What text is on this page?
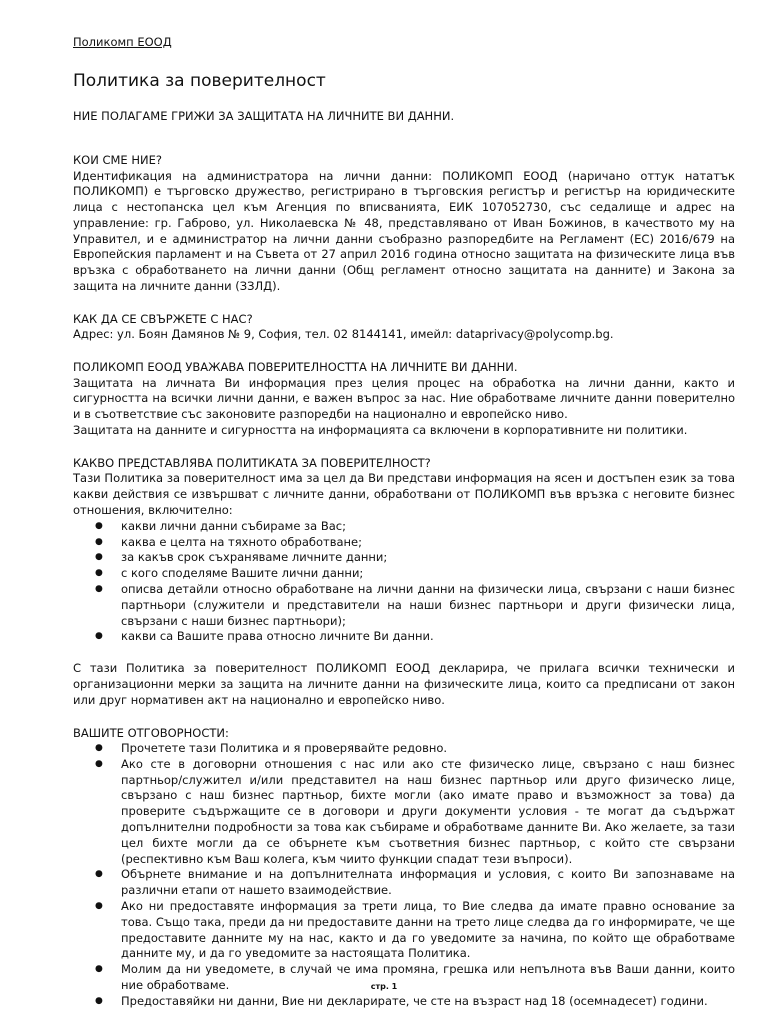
Поликомп ЕООД

Политика за поверителност

НИЕ ПОЛАГАМЕ ГРИЖИ ЗА ЗАЩИТАТА НА ЛИЧНИТЕ ВИ ДАННИ.

КОИ СМЕ НИЕ?

Идентификация на администратора на лични данни: ПОЛИКОМП ЕООД (наричано оттук нататък ПОЛИКОМП) е търговско дружество, регистрирано в търговския регистър и регистър на юридическите лица с нестопанска цел към Агенция по вписванията, ЕИК 107052730, със седалище и адрес на управление: гр. Габрово, ул. Николаевска № 48, представлявано от Иван Божинов, в качеството му на Управител, и е администратор на лични данни съобразно разпоредбите на Регламент (ЕС) 2016/679 на Европейския парламент и на Съвета от 27 април 2016 година относно защитата на физическите лица във връзка с обработването на лични данни (Общ регламент относно защитата на данните) и Закона за защита на личните данни (ЗЗЛД).

КАК ДА СЕ СВЪРЖЕТЕ С НАС?

Адрес: ул. Боян Дамянов № 9, София, тел. 02 8144141, имейл: dataprivacy@polycomp.bg.

ПОЛИКОМП ЕООД УВАЖАВА ПОВЕРИТЕЛНОСТТА НА ЛИЧНИТЕ ВИ ДАННИ.

Защитата на личната Ви информация през целия процес на обработка на лични данни, както и сигурността на всички лични данни, е важен въпрос за нас. Ние обработваме личните данни поверително и в съответствие със законовите разпоредби на национално и европейско ниво.

Защитата на данните и сигурността на информацията са включени в корпоративните ни политики.

КАКВО ПРЕДСТАВЛЯВА ПОЛИТИКАТА ЗА ПОВЕРИТЕЛНОСТ?

Тази Политика за поверителност има за цел да Ви представи информация на ясен и достъпен език за това какви действия се извършват с личните данни, обработвани от ПОЛИКОМП във връзка с неговите бизнес отношения, включително:

● какви лични данни събираме за Вас;
● каква е целта на тяхното обработване;
● за какъв срок съхраняваме личните данни;
● с кого споделяме Вашите лични данни;
● описва детайли относно обработване на лични данни на физически лица, свързани с наши бизнес партньори (служители и представители на наши бизнес партньори и други физически лица, свързани с наши бизнес партньори);
● какви са Вашите права относно личните Ви данни.

С тази Политика за поверителност ПОЛИКОМП ЕООД декларира, че прилага всички технически и организационни мерки за защита на личните данни на физическите лица, които са предписани от закон или друг нормативен акт на национално и европейско ниво.

ВАШИТЕ ОТГОВОРНОСТИ:

● Прочетете тази Политика и я проверявайте редовно.
● Ако сте в договорни отношения с нас или ако сте физическо лице, свързано с наш бизнес партньор/служител и/или представител на наш бизнес партньор или друго физическо лице, свързано с наш бизнес партньор, бихте могли (ако имате право и възможност за това) да проверите съдържащите се в договори и други документи условия - те могат да съдържат допълнителни подробности за това как събираме и обработваме данните Ви. Ако желаете, за тази цел бихте могли да се обърнете към съответния бизнес партньор, с който сте свързани (респективно към Ваш колега, към чиито функции спадат тези въпроси).
● Обърнете внимание и на допълнителната информация и условия, с които Ви запознаваме на различни етапи от нашето взаимодействие.
● Ако ни предоставяте информация за трети лица, то Вие следва да имате правно основание за това. Също така, преди да ни предоставите данни на трето лице следва да го информирате, че ще предоставите данните му на нас, както и да го уведомите за начина, по който ще обработваме данните му, и да го уведомите за настоящата Политика.
● Молим да ни уведомете, в случай че има промяна, грешка или непълнота във Ваши данни, които ние обработваме.
● Предоставяйки ни данни, Вие ни декларирате, че сте на възраст над 18 (осемнадесет) години.
стр. 1
